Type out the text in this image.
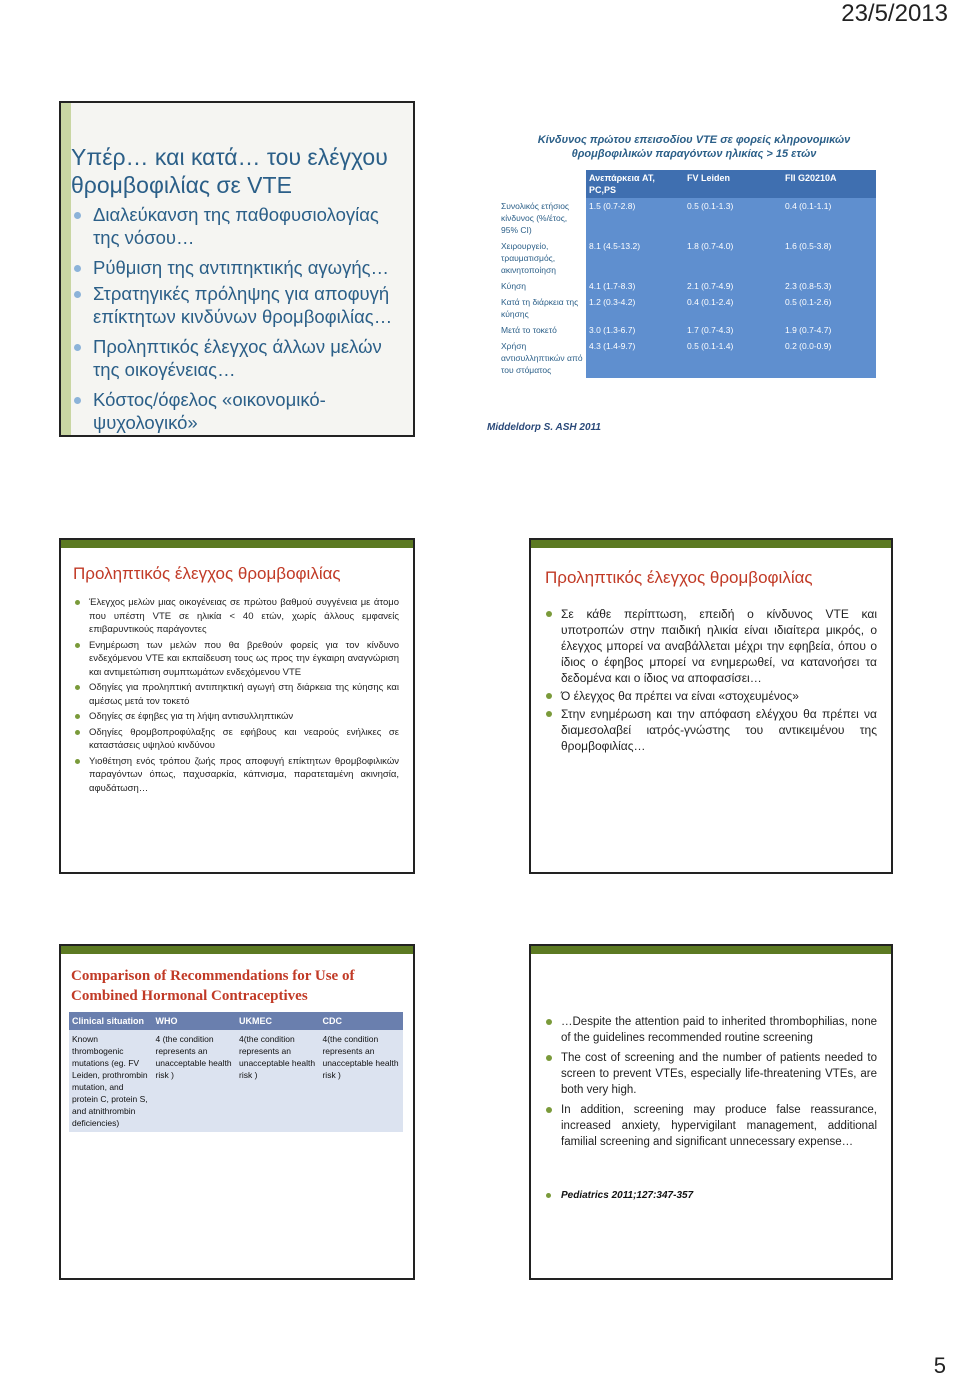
23/5/2013
Υπέρ… και κατά… του ελέγχου θρομβοφιλίας σε VTE
Διαλεύκανση της παθοφυσιολογίας της νόσου…
Ρύθμιση της αντιπηκτικής αγωγής…
Στρατηγικές πρόληψης για αποφυγή επίκτητων κινδύνων θρομβοφιλίας…
Προληπτικός έλεγχος άλλων μελών της οικογένειας…
Κόστος/όφελος «οικονομικό-ψυχολογικό»
Κίνδυνος πρώτου επεισοδίου VTE σε φορείς κληρονομικών θρομβοφιλικών παραγόντων ηλικίας > 15 ετών
	Ανεπάρκεια AT, PC,PS	FV Leiden	FII G20210A
Συνολικός ετήσιος κίνδυνος (%/έτος, 95% CI)	1.5 (0.7-2.8)	0.5 (0.1-1.3)	0.4 (0.1-1.1)
Χειρουργείο, τραυματισμός, ακινητοποίηση	8.1 (4.5-13.2)	1.8 (0.7-4.0)	1.6 (0.5-3.8)
Κύηση	4.1 (1.7-8.3)	2.1 (0.7-4.9)	2.3 (0.8-5.3)
Κατά τη διάρκεια της κύησης	1.2 (0.3-4.2)	0.4 (0.1-2.4)	0.5 (0.1-2.6)
Μετά το τοκετό	3.0 (1.3-6.7)	1.7 (0.7-4.3)	1.9 (0.7-4.7)
Χρήση αντισυλληπτικών από του στόματος	4.3 (1.4-9.7)	0.5 (0.1-1.4)	0.2 (0.0-0.9)
Middeldorp S. ASH 2011
Προληπτικός έλεγχος θρομβοφιλίας
Έλεγχος μελών μιας οικογένειας σε πρώτου βαθμού συγγένεια με άτομο που υπέστη VTE σε ηλικία < 40 ετών, χωρίς άλλους εμφανείς επιβαρυντικούς παράγοντες
Ενημέρωση των μελών που θα βρεθούν φορείς για τον κίνδυνο ενδεχόμενου VTE και εκπαίδευση τους ως προς την έγκαιρη αναγνώριση και αντιμετώπιση συμπτωμάτων ενδεχόμενου VTE
Οδηγίες για προληπτική αντιπηκτική αγωγή στη διάρκεια της κύησης και αμέσως μετά τον τοκετό
Οδηγίες σε έφηβες για τη λήψη αντισυλληπτικών
Οδηγίες θρομβοπροφύλαξης σε εφήβους και νεαρούς ενήλικες σε καταστάσεις υψηλού κινδύνου
Υιοθέτηση ενός τρόπου ζωής προς αποφυγή επίκτητων θρομβοφιλικών παραγόντων όπως, παχυσαρκία, κάπνισμα, παρατεταμένη ακινησία, αφυδάτωση…
Προληπτικός έλεγχος θρομβοφιλίας
Σε κάθε περίπτωση, επειδή ο κίνδυνος VTE και υποτροπών στην παιδική ηλικία είναι ιδιαίτερα μικρός, ο έλεγχος μπορεί να αναβάλλεται μέχρι την εφηβεία, όπου ο ίδιος ο έφηβος μπορεί να ενημερωθεί, να κατανοήσει τα δεδομένα και ο ίδιος να αποφασίσει…
Ό έλεγχος θα πρέπει να είναι «στοχευμένος»
Στην ενημέρωση και την απόφαση ελέγχου θα πρέπει να διαμεσολαβεί ιατρός-γνώστης του αντικειμένου της θρομβοφιλίας…
Comparison of Recommendations for Use of Combined Hormonal Contraceptives
Clinical situation	WHO	UKMEC	CDC
Known thrombogenic mutations (eg. FV Leiden, prothrombin mutation, and protein C, protein S, and atnithrombin deficiencies)	4 (the condition represents an unacceptable health risk )	4(the condition represents an unacceptable health risk )	4(the condition represents an unacceptable health risk )
…Despite the attention paid to inherited thrombophilias, none of the guidelines recommended routine screening
The cost of screening and the number of patients needed to screen to prevent VTEs, especially life-threatening VTEs, are both very high.
In addition, screening may produce false reassurance, increased anxiety, hypervigilant management, additional familial screening and significant unnecessary expense…
Pediatrics 2011;127:347-357
5
